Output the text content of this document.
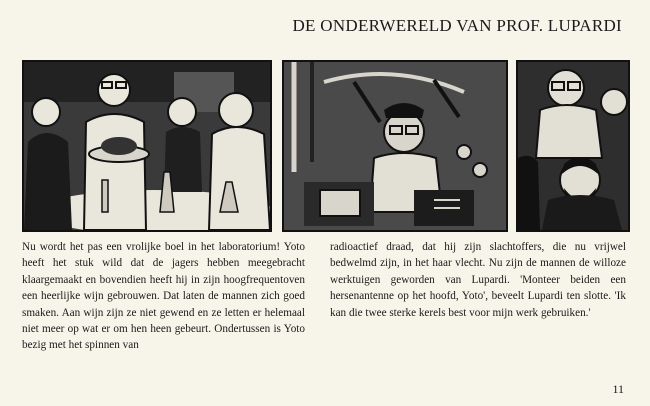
DE ONDERWERELD VAN PROF. LUPARDI
Nu wordt het pas een vrolijke boel in het laboratorium! Yoto heeft het stuk wild dat de jagers hebben meegebracht klaargemaakt en bovendien heeft hij in zijn hoogfrequentoven een heerlijke wijn gebrouwen. Dat laten de mannen zich goed smaken. Aan wijn zijn ze niet gewend en ze letten er helemaal niet meer op wat er om hen heen gebeurt. Ondertussen is Yoto bezig met het spinnen van
radioactief draad, dat hij zijn slachtoffers, die nu vrijwel bedwelmd zijn, in het haar vlecht. Nu zijn de mannen de willoze werktuigen geworden van Lupardi. 'Monteer beiden een hersenantenne op het hoofd, Yoto', beveelt Lupardi ten slotte. 'Ik kan die twee sterke kerels best voor mijn werk gebruiken.'
11
